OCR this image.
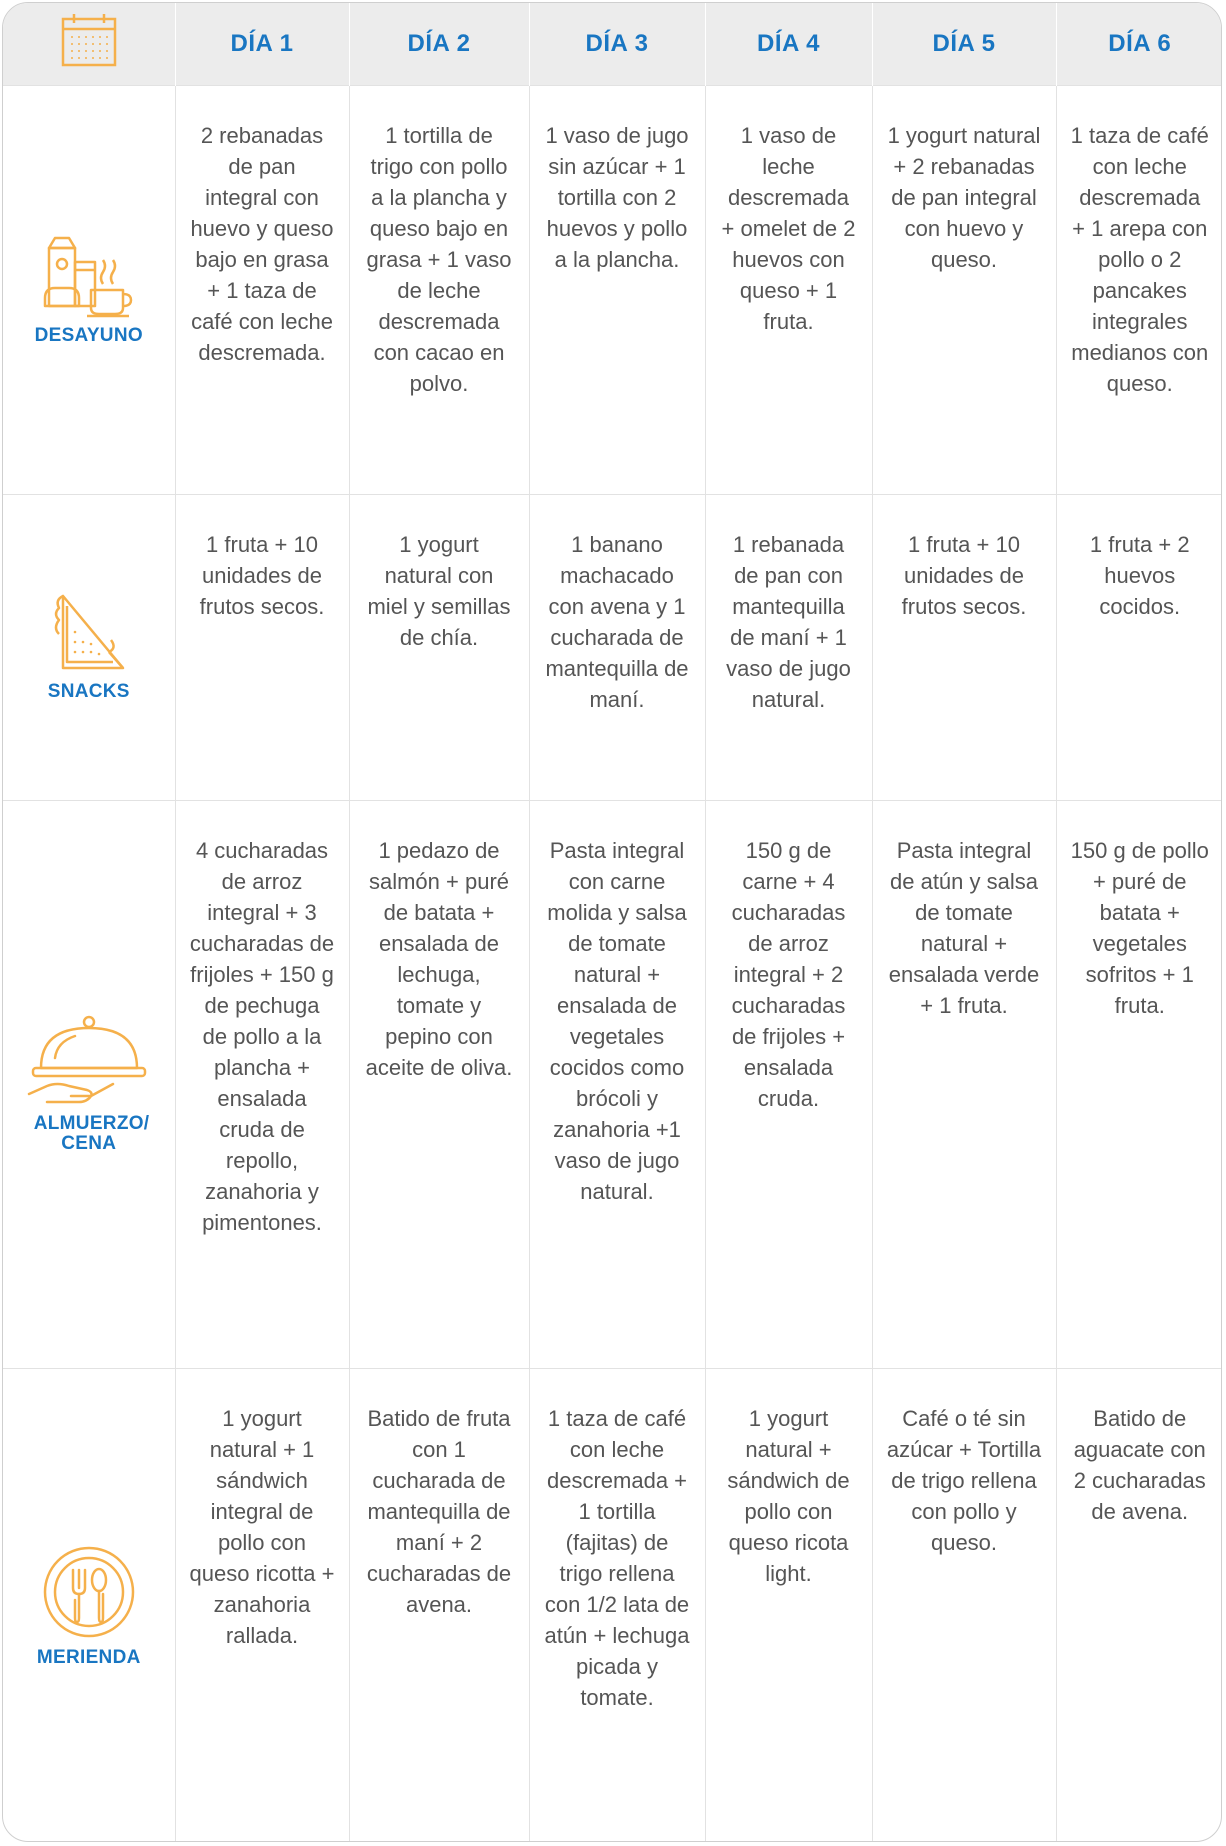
	DÍA 1	DÍA 2	DÍA 3	DÍA 4	DÍA 5	DÍA 6

DESAYUNO	2 rebanadas de pan integral con huevo y queso bajo en grasa + 1 taza de café con leche descremada.	1 tortilla de trigo con pollo a la plancha y queso bajo en grasa + 1 vaso de leche descremada con cacao en polvo.	1 vaso de jugo sin azúcar + 1 tortilla con 2 huevos y pollo a la plancha.	1 vaso de leche descremada + omelet de 2 huevos con queso + 1 fruta.	1 yogurt natural + 2 rebanadas de pan integral con huevo y queso.	1 taza de café con leche descremada + 1 arepa con pollo o 2 pancakes integrales medianos con queso.

SNACKS	1 fruta + 10 unidades de frutos secos.	1 yogurt natural con miel y semillas de chía.	1 banano machacado con avena y 1 cucharada de mantequilla de maní.	1 rebanada de pan con mantequilla de maní + 1 vaso de jugo natural.	1 fruta + 10 unidades de frutos secos.	1 fruta + 2 huevos cocidos.

ALMUERZO/ CENA	4 cucharadas de arroz integral + 3 cucharadas de frijoles + 150 g de pechuga de pollo a la plancha + ensalada cruda de repollo, zanahoria y pimentones.	1 pedazo de salmón + puré de batata + ensalada de lechuga, tomate y pepino con aceite de oliva.	Pasta integral con carne molida y salsa de tomate natural + ensalada de vegetales cocidos como brócoli y zanahoria +1 vaso de jugo natural.	150 g de carne + 4 cucharadas de arroz integral + 2 cucharadas de frijoles + ensalada cruda.	Pasta integral de atún y salsa de tomate natural + ensalada verde + 1 fruta.	150 g de pollo + puré de batata + vegetales sofritos + 1 fruta.

MERIENDA	1 yogurt natural + 1 sándwich integral de pollo con queso ricotta + zanahoria rallada.	Batido de fruta con 1 cucharada de mantequilla de maní + 2 cucharadas de avena.	1 taza de café con leche descremada + 1 tortilla (fajitas) de trigo rellena con 1/2 lata de atún + lechuga picada y tomate.	1 yogurt natural + sándwich de pollo con queso ricota light.	Café o té sin azúcar + Tortilla de trigo rellena con pollo y queso.	Batido de aguacate con 2 cucharadas de avena.
